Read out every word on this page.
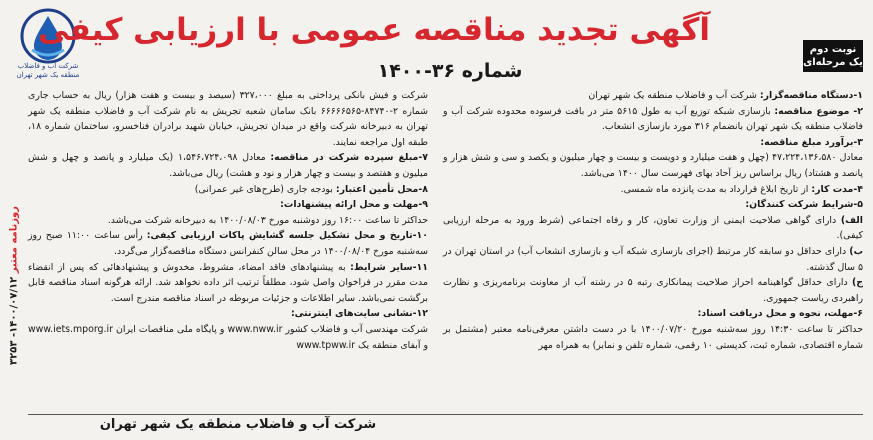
شرکت آب و فاضلاب
منطقه یک شهر تهران
آگهی تجدید مناقصه عمومی با ارزیابی کیفی
شماره ۳۶-۱۴۰۰
نوبت دوم
یک مرحله‌ای
۱-دستگاه مناقصه‌گزار: شرکت آب و فاضلاب منطقه یک شهر تهران
۲- موضوع مناقصه: بازسازی شبکه توزیع آب به طول ۵۶۱۵ متر در بافت فرسوده محدوده شرکت آب و فاضلاب منطقه یک شهر تهران بانضمام ۳۱۶ مورد بازسازی انشعاب.
۳-برآورد مبلغ مناقصه:
معادل ۴۷،۲۲۴،۱۳۶،۵۸۰ (چهل و هفت میلیارد و دویست و بیست و چهار میلیون و یکصد و سی و شش هزار و پانصد و هشتاد) ریال براساس ریز آحاد بهای فهرست سال ۱۴۰۰ می‌باشد.
۴-مدت کار: از تاریخ ابلاغ قرارداد به مدت پانزده ماه شمسی.
۵-شرایط شرکت کنندگان:
الف) دارای گواهی صلاحیت ایمنی از وزارت تعاون، کار و رفاه اجتماعی (شرط ورود به مرحله ارزیابی کیفی).
ب) دارای حداقل دو سابقه کار مرتبط (اجرای بازسازی شبکه آب و بازسازی انشعاب آب) در استان تهران در ۵ سال گذشته.
ج) دارای حداقل گواهینامه احراز صلاحیت پیمانکاری رتبه ۵ در رشته آب از معاونت برنامه‌ریزی و نظارت راهبردی ریاست جمهوری.
۶-مهلت، نحوه و محل دریافت اسناد:
حداکثر تا ساعت ۱۴:۳۰ روز سه‌شنبه مورخ ۱۴۰۰/۰۷/۲۰ با در دست داشتن معرفی‌نامه معتبر (مشتمل بر شماره اقتصادی، شماره ثبت، کدپستی ۱۰ رقمی، شماره تلفن و نمابر) به همراه مهر
شرکت و فیش بانکی پرداختی به مبلغ ۳۲۷،۰۰۰ (سیصد و بیست و هفت هزار) ریال به حساب جاری شماره ۲-۸۴۷۴۰-۶۶۶۶۶۵۶۵ بانک سامان شعبه تجریش به نام شرکت آب و فاضلاب منطقه یک شهر تهران به دبیرخانه شرکت واقع در میدان تجریش، خیابان شهید برادران فناخسرو، ساختمان شماره ۱۸، طبقه اول مراجعه نمایند.
۷-مبلغ سپرده شرکت در مناقصه: معادل ۱،۵۴۶،۷۲۴،۰۹۸ (یک میلیارد و پانصد و چهل و شش میلیون و هفتصد و بیست و چهار هزار و نود و هشت) ریال می‌باشد.
۸-محل تأمین اعتبار: بودجه جاری (طرح‌های غیر عمرانی)
۹-مهلت و محل ارائه پیشنهادات:
حداکثر تا ساعت ۱۶:۰۰ روز دوشنبه مورخ ۱۴۰۰/۰۸/۰۳ به دبیرخانه شرکت می‌باشد.
۱۰-تاریخ و محل تشکیل جلسه گشایش پاکات ارزیابی کیفی: رأس ساعت ۱۱:۰۰ صبح روز سه‌شنبه مورخ ۱۴۰۰/۰۸/۰۴ در محل سالن کنفرانس دستگاه مناقصه‌گزار می‌گردد.
۱۱-سایر شرایط: به پیشنهادهای فاقد امضاء، مشروط، مخدوش و پیشنهادهائی که پس از انقضاء مدت مقرر در فراخوان واصل شود، مطلقاً ترتیب اثر داده نخواهد شد. ارائه هرگونه اسناد مناقصه قابل برگشت نمی‌باشد. سایر اطلاعات و جزئیات مربوطه در اسناد مناقصه مندرج است.
۱۲-نشانی سایت‌های اینترنتی:
شرکت مهندسی آب و فاضلاب کشور www.nww.ir و پایگاه ملی مناقصات ایران www.iets.mporg.ir و آبفای منطقه یک www.tpww.ir
روزنامه معتبر ۱۴۰۰/۰۷/۱۲- ۳۲۵۳
شرکت آب و فاضلاب منطقه یک شهر تهران
